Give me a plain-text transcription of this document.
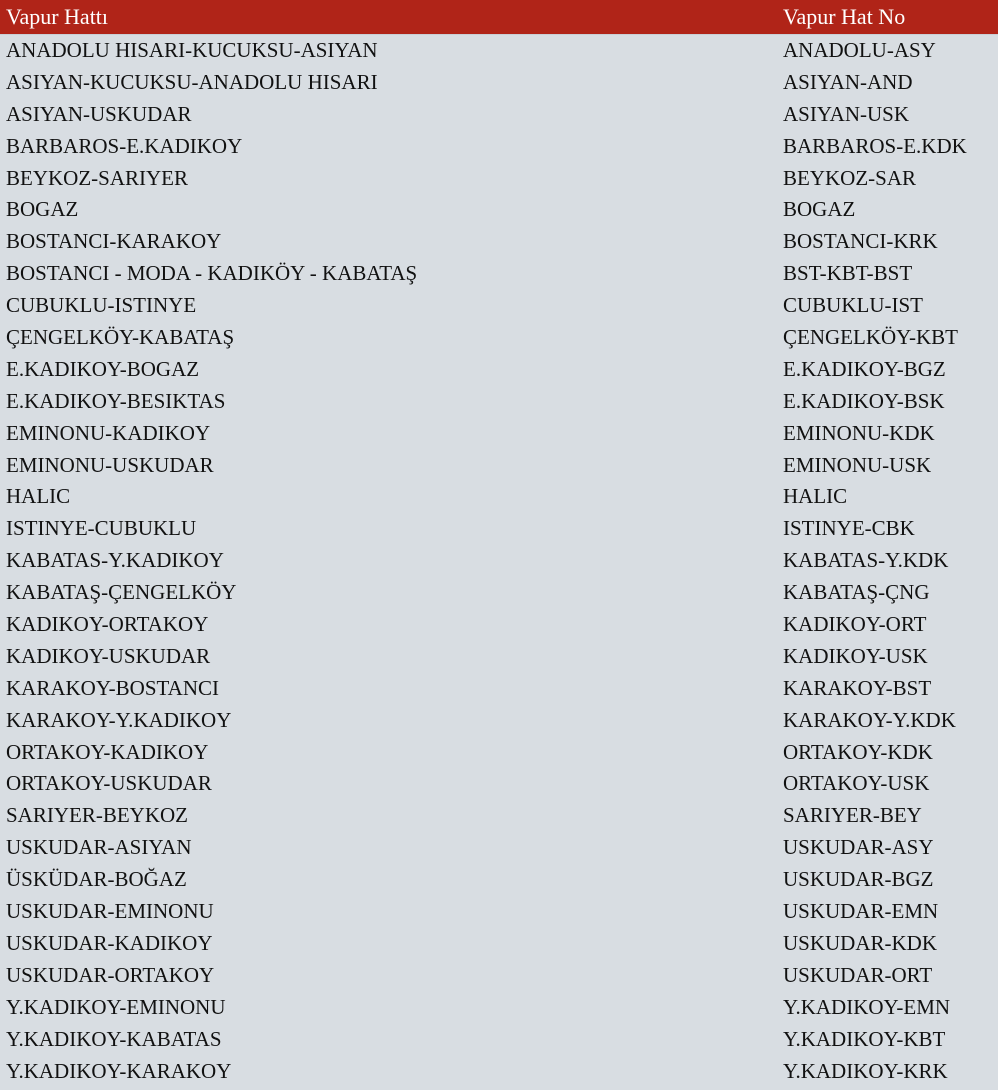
Vapur Hattı	Vapur Hat No
ANADOLU HISARI-KUCUKSU-ASIYAN	ANADOLU-ASY
ASIYAN-KUCUKSU-ANADOLU HISARI	ASIYAN-AND
ASIYAN-USKUDAR	ASIYAN-USK
BARBAROS-E.KADIKOY	BARBAROS-E.KDK
BEYKOZ-SARIYER	BEYKOZ-SAR
BOGAZ	BOGAZ
BOSTANCI-KARAKOY	BOSTANCI-KRK
BOSTANCI - MODA - KADIKÖY - KABATAŞ	BST-KBT-BST
CUBUKLU-ISTINYE	CUBUKLU-IST
ÇENGELKÖY-KABATAŞ	ÇENGELKÖY-KBT
E.KADIKOY-BOGAZ	E.KADIKOY-BGZ
E.KADIKOY-BESIKTAS	E.KADIKOY-BSK
EMINONU-KADIKOY	EMINONU-KDK
EMINONU-USKUDAR	EMINONU-USK
HALIC	HALIC
ISTINYE-CUBUKLU	ISTINYE-CBK
KABATAS-Y.KADIKOY	KABATAS-Y.KDK
KABATAŞ-ÇENGELKÖY	KABATAŞ-ÇNG
KADIKOY-ORTAKOY	KADIKOY-ORT
KADIKOY-USKUDAR	KADIKOY-USK
KARAKOY-BOSTANCI	KARAKOY-BST
KARAKOY-Y.KADIKOY	KARAKOY-Y.KDK
ORTAKOY-KADIKOY	ORTAKOY-KDK
ORTAKOY-USKUDAR	ORTAKOY-USK
SARIYER-BEYKOZ	SARIYER-BEY
USKUDAR-ASIYAN	USKUDAR-ASY
ÜSKÜDAR-BOĞAZ	USKUDAR-BGZ
USKUDAR-EMINONU	USKUDAR-EMN
USKUDAR-KADIKOY	USKUDAR-KDK
USKUDAR-ORTAKOY	USKUDAR-ORT
Y.KADIKOY-EMINONU	Y.KADIKOY-EMN
Y.KADIKOY-KABATAS	Y.KADIKOY-KBT
Y.KADIKOY-KARAKOY	Y.KADIKOY-KRK
